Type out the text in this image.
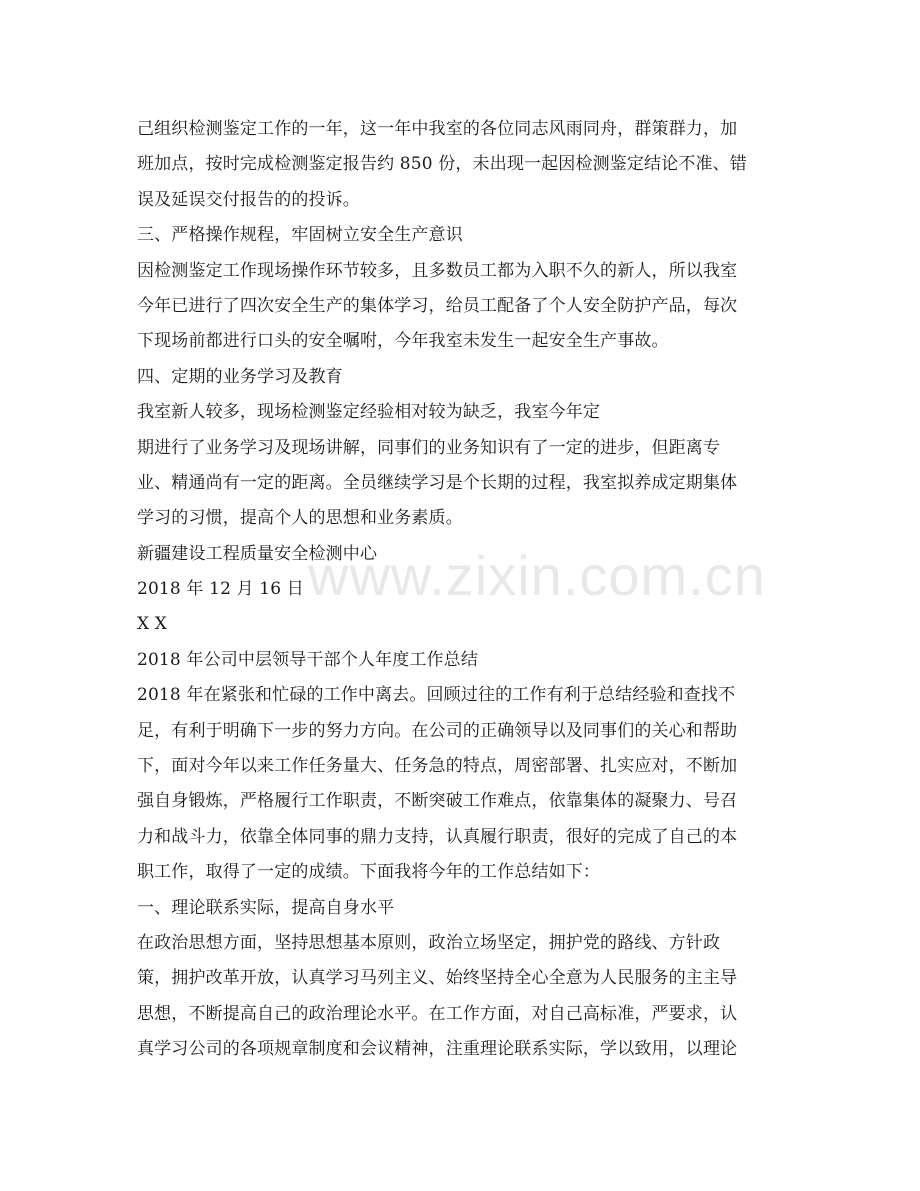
己组织检测鉴定工作的一年，这一年中我室的各位同志风雨同舟，群策群力，加
班加点，按时完成检测鉴定报告约 850 份，未出现一起因检测鉴定结论不准、错
误及延误交付报告的的投诉。
三、严格操作规程，牢固树立安全生产意识
因检测鉴定工作现场操作环节较多，且多数员工都为入职不久的新人，所以我室
今年已进行了四次安全生产的集体学习，给员工配备了个人安全防护产品，每次
下现场前都进行口头的安全嘱咐，今年我室未发生一起安全生产事故。
四、定期的业务学习及教育
我室新人较多，现场检测鉴定经验相对较为缺乏，我室今年定
期进行了业务学习及现场讲解，同事们的业务知识有了一定的进步，但距离专
业、精通尚有一定的距离。全员继续学习是个长期的过程，我室拟养成定期集体
学习的习惯，提高个人的思想和业务素质。
新疆建设工程质量安全检测中心
2018 年 12 月 16 日
X X
2018 年公司中层领导干部个人年度工作总结
2018 年在紧张和忙碌的工作中离去。回顾过往的工作有利于总结经验和查找不
足，有利于明确下一步的努力方向。在公司的正确领导以及同事们的关心和帮助
下，面对今年以来工作任务量大、任务急的特点，周密部署、扎实应对，不断加
强自身锻炼，严格履行工作职责，不断突破工作难点，依靠集体的凝聚力、号召
力和战斗力，依靠全体同事的鼎力支持，认真履行职责，很好的完成了自己的本
职工作，取得了一定的成绩。下面我将今年的工作总结如下：
一、理论联系实际，提高自身水平
在政治思想方面，坚持思想基本原则，政治立场坚定，拥护党的路线、方针政
策，拥护改革开放，认真学习马列主义、始终坚持全心全意为人民服务的主主导
思想，不断提高自己的政治理论水平。在工作方面，对自己高标准，严要求，认
真学习公司的各项规章制度和会议精神，注重理论联系实际，学以致用，以理论
www.zixin.com.cn
